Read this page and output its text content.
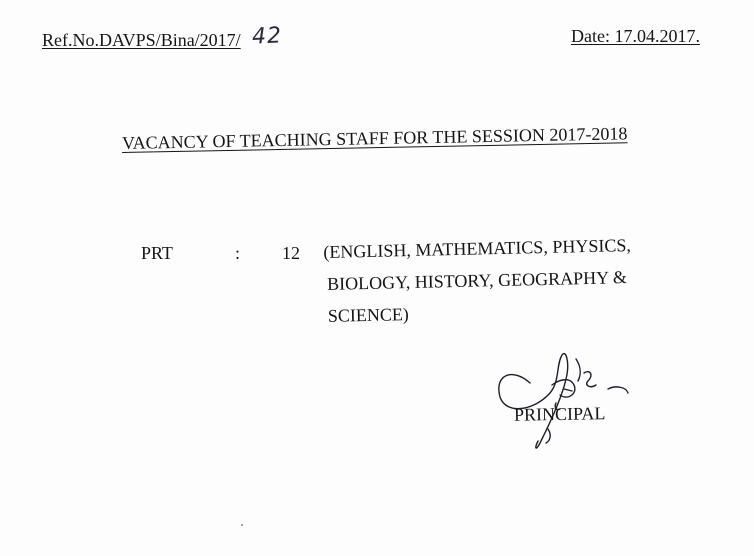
Ref.No.DAVPS/Bina/2017/ 42	Date: 17.04.2017.
VACANCY OF TEACHING STAFF FOR THE SESSION 2017-2018
PRT	: 12 (ENGLISH, MATHEMATICS, PHYSICS,
BIOLOGY, HISTORY, GEOGRAPHY &
SCIENCE)
PRINCIPAL
